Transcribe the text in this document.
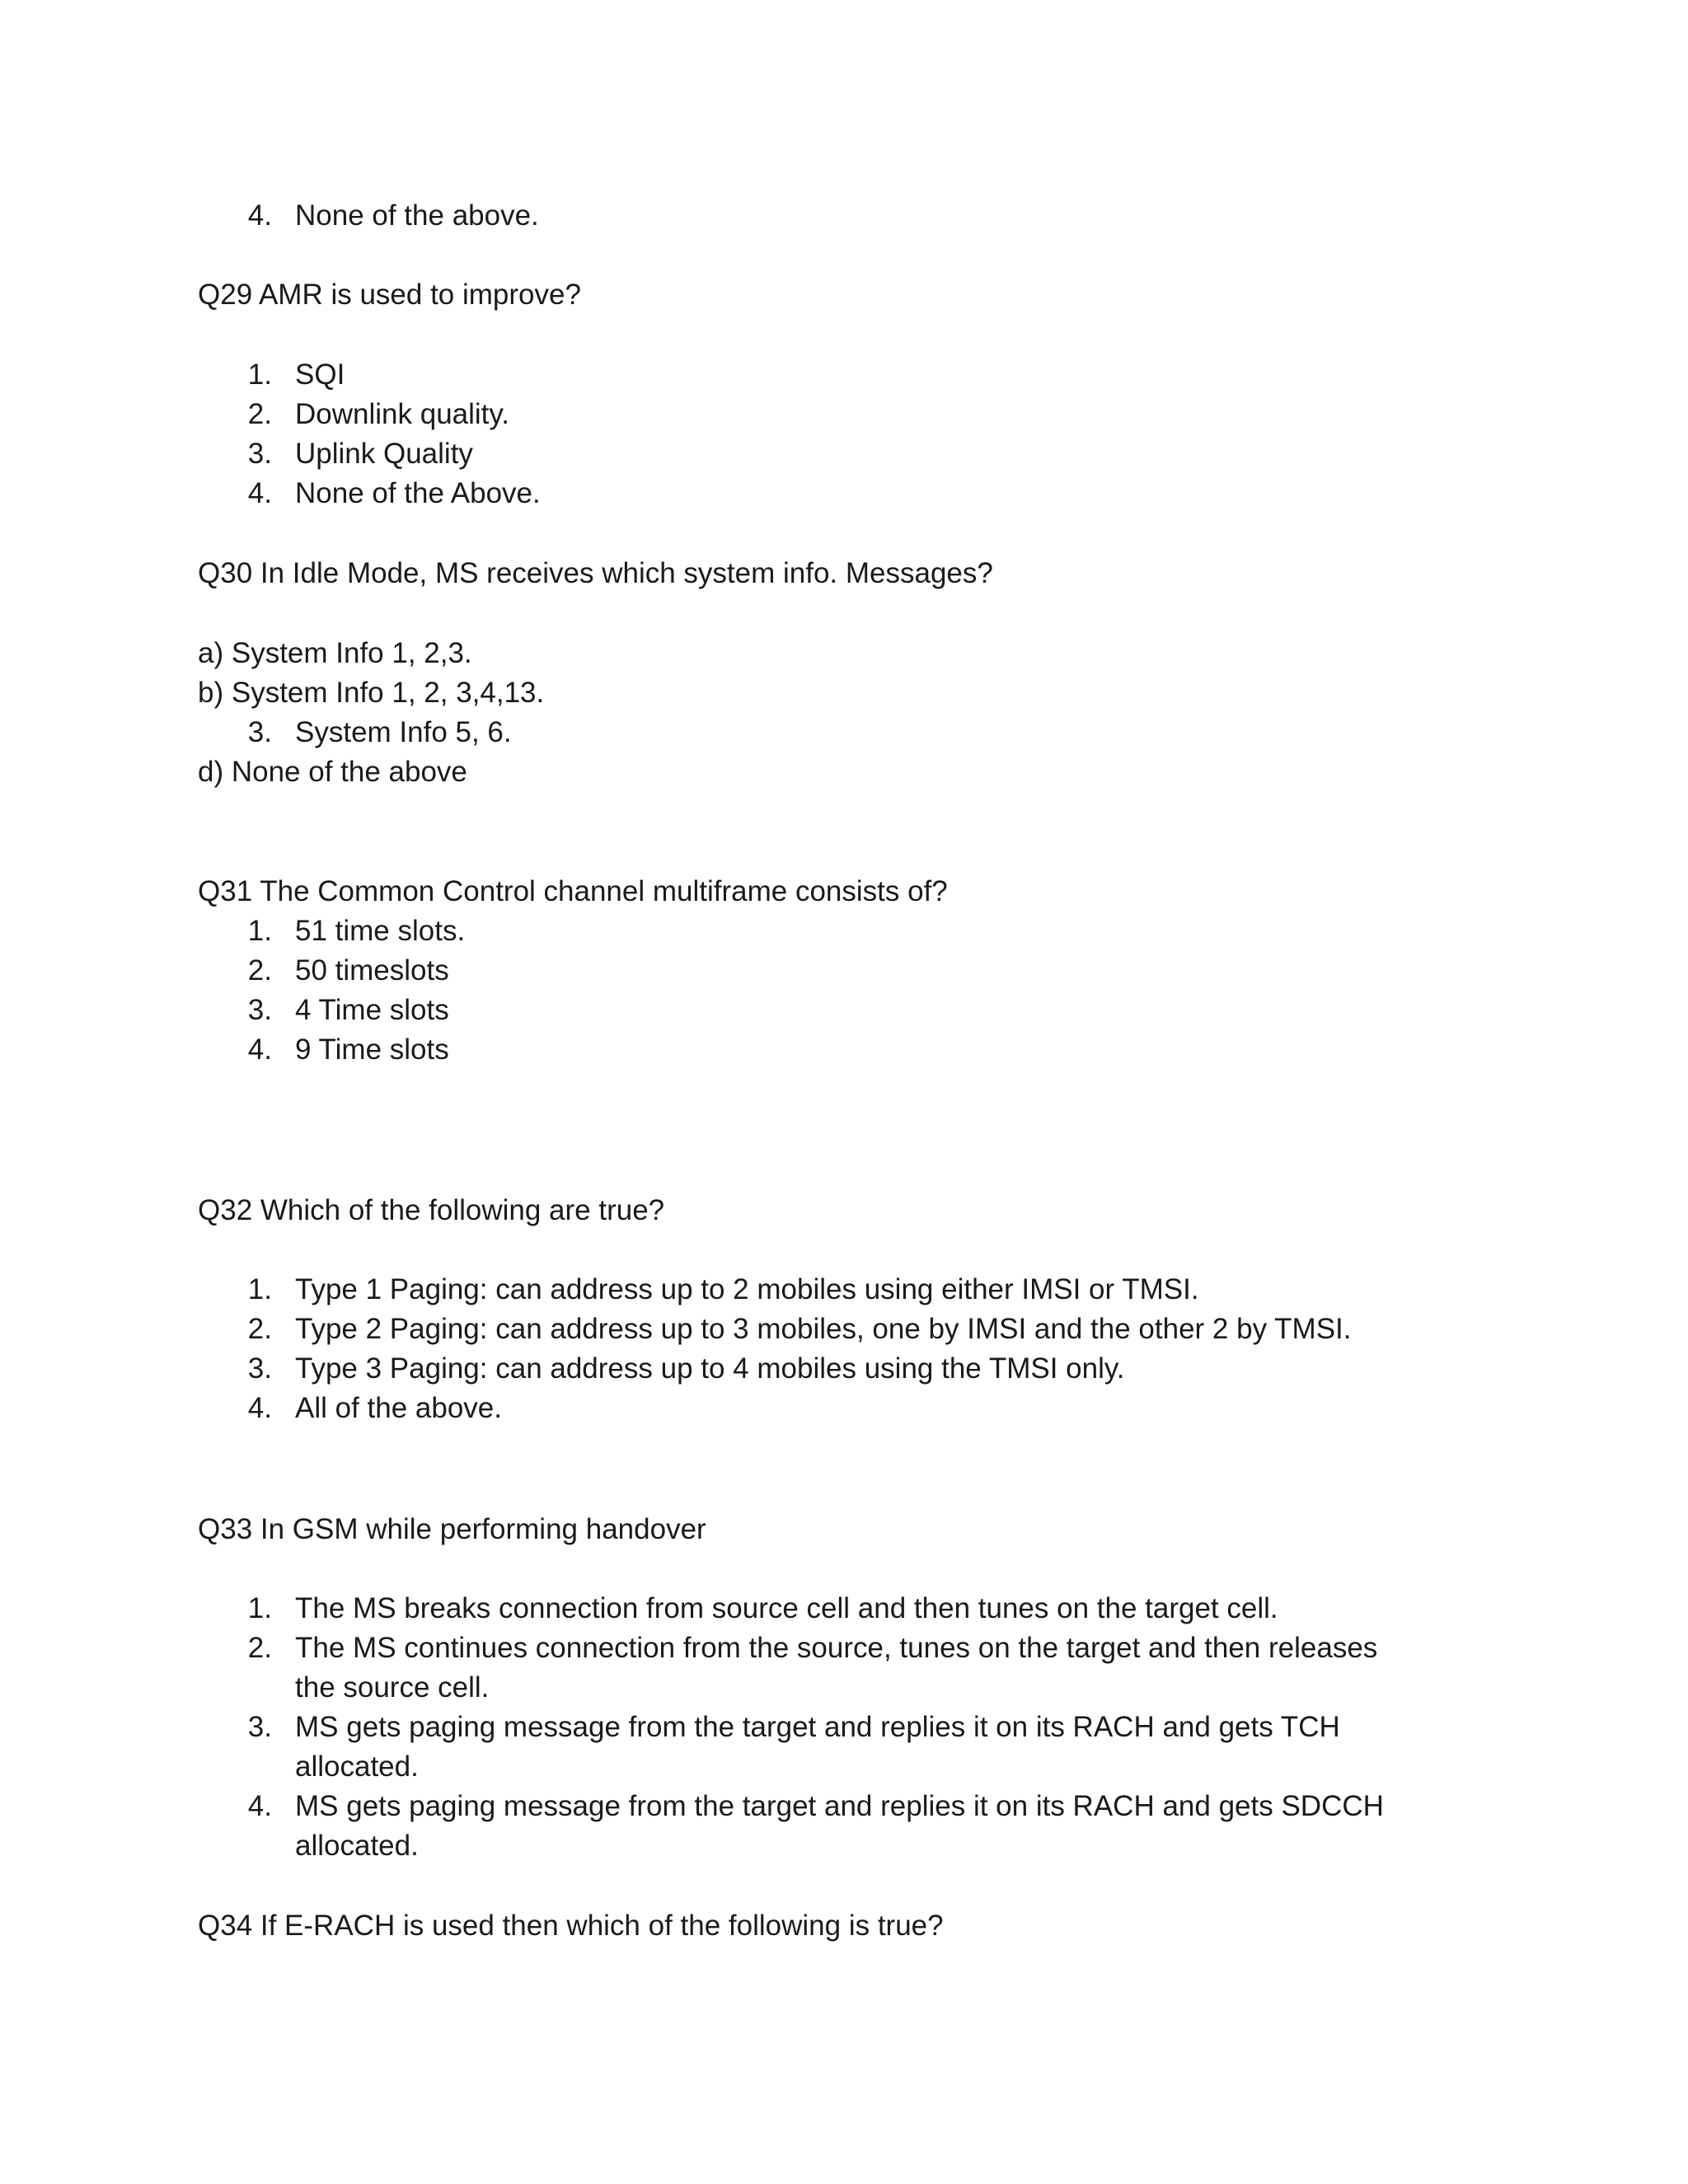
4. None of the above.
Q29 AMR is used to improve?
1. SQI
2. Downlink quality.
3. Uplink Quality
4. None of the Above.
Q30 In Idle Mode, MS receives which system info. Messages?
a) System Info 1, 2,3.
b) System Info 1, 2, 3,4,13.
3. System Info 5, 6.
d) None of the above
Q31 The Common Control channel multiframe consists of?
1. 51 time slots.
2. 50 timeslots
3. 4 Time slots
4. 9 Time slots
Q32 Which of the following are true?
1. Type 1 Paging: can address up to 2 mobiles using either IMSI or TMSI.
2. Type 2 Paging: can address up to 3 mobiles, one by IMSI and the other 2 by TMSI.
3. Type 3 Paging: can address up to 4 mobiles using the TMSI only.
4. All of the above.
Q33 In GSM while performing handover
1. The MS breaks connection from source cell and then tunes on the target cell.
2. The MS continues connection from the source, tunes on the target and then releases
the source cell.
3. MS gets paging message from the target and replies it on its RACH and gets TCH
allocated.
4. MS gets paging message from the target and replies it on its RACH and gets SDCCH
allocated.
Q34 If E-RACH is used then which of the following is true?
